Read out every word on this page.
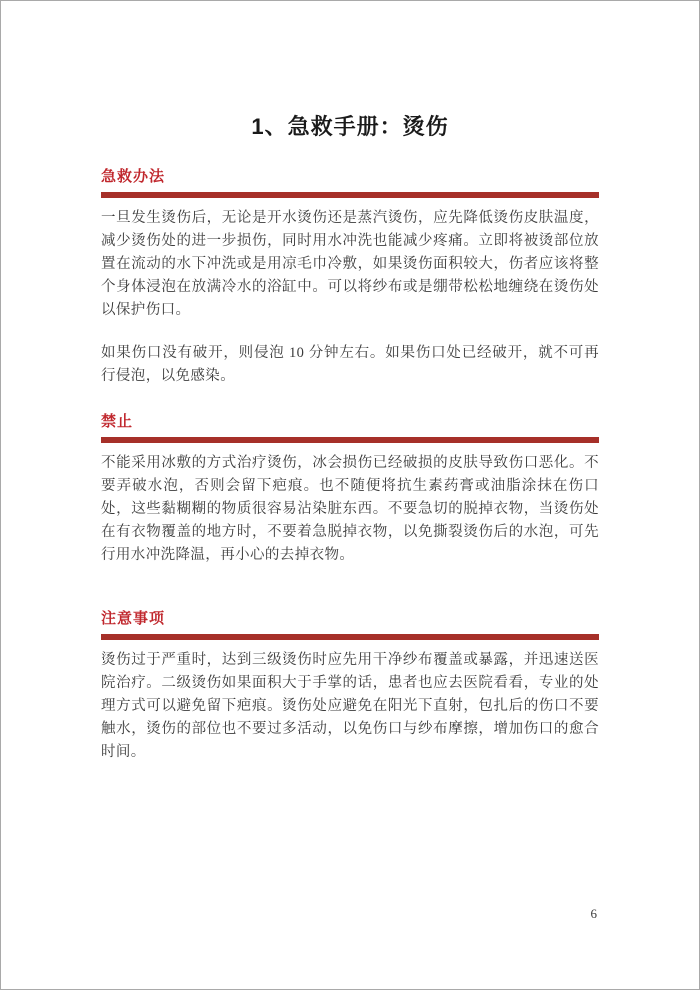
1、急救手册：烫伤
急救办法

一旦发生烫伤后，无论是开水烫伤还是蒸汽烫伤，应先降低烫伤皮肤温度，减少烫伤处的进一步损伤，同时用水冲洗也能减少疼痛。立即将被烫部位放置在流动的水下冲洗或是用凉毛巾冷敷，如果烫伤面积较大，伤者应该将整个身体浸泡在放满冷水的浴缸中。可以将纱布或是绷带松松地缠绕在烫伤处以保护伤口。

如果伤口没有破开，则侵泡 10 分钟左右。如果伤口处已经破开，就不可再行侵泡，以免感染。

禁止

不能采用冰敷的方式治疗烫伤，冰会损伤已经破损的皮肤导致伤口恶化。不要弄破水泡，否则会留下疤痕。也不随便将抗生素药膏或油脂涂抹在伤口处，这些黏糊糊的物质很容易沾染脏东西。不要急切的脱掉衣物，当烫伤处在有衣物覆盖的地方时，不要着急脱掉衣物，以免撕裂烫伤后的水泡，可先行用水冲洗降温，再小心的去掉衣物。

注意事项

烫伤过于严重时，达到三级烫伤时应先用干净纱布覆盖或暴露，并迅速送医院治疗。二级烫伤如果面积大于手掌的话，患者也应去医院看看，专业的处理方式可以避免留下疤痕。烫伤处应避免在阳光下直射，包扎后的伤口不要触水，烫伤的部位也不要过多活动，以免伤口与纱布摩擦，增加伤口的愈合时间。

6
